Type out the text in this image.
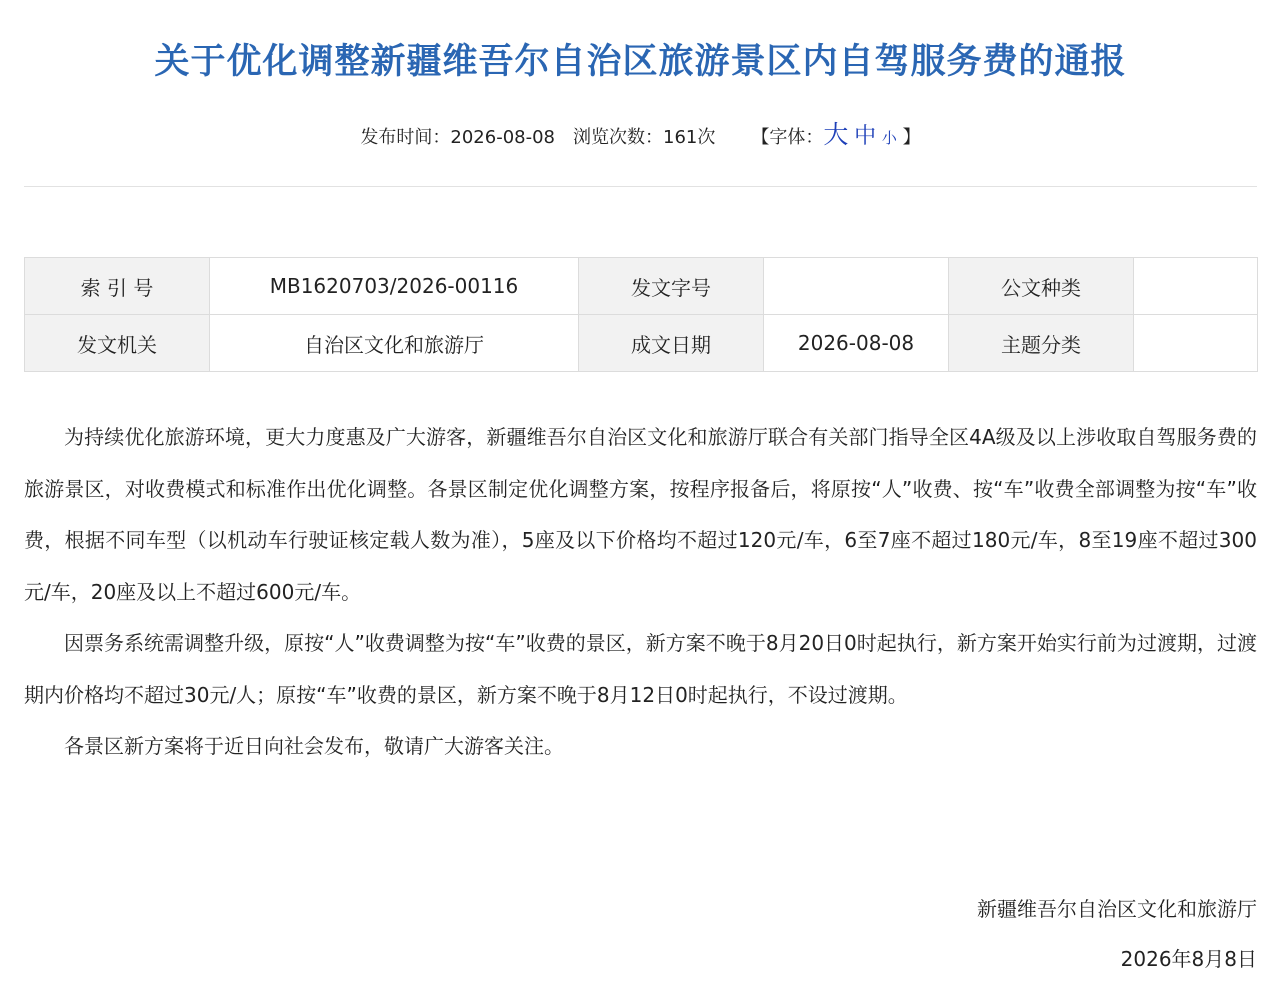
关于优化调整新疆维吾尔自治区旅游景区内自驾服务费的通报
发布时间：2026-08-08 浏览次数：161次 【字体：大 中 小 】
索 引 号	MB1620703/2026-00116	发文字号		公文种类	
发文机关	自治区文化和旅游厅	成文日期	2026-08-08	主题分类	

为持续优化旅游环境，更大力度惠及广大游客，新疆维吾尔自治区文化和旅游厅联合有关部门指导全区4A级及以上涉收取自驾服务费的旅游景区，对收费模式和标准作出优化调整。各景区制定优化调整方案，按程序报备后，将原按“人”收费、按“车”收费全部调整为按“车”收费，根据不同车型（以机动车行驶证核定载人数为准），5座及以下价格均不超过120元/车，6至7座不超过180元/车，8至19座不超过300元/车，20座及以上不超过600元/车。

因票务系统需调整升级，原按“人”收费调整为按“车”收费的景区，新方案不晚于8月20日0时起执行，新方案开始实行前为过渡期，过渡期内价格均不超过30元/人；原按“车”收费的景区，新方案不晚于8月12日0时起执行，不设过渡期。

各景区新方案将于近日向社会发布，敬请广大游客关注。

新疆维吾尔自治区文化和旅游厅
2026年8月8日
